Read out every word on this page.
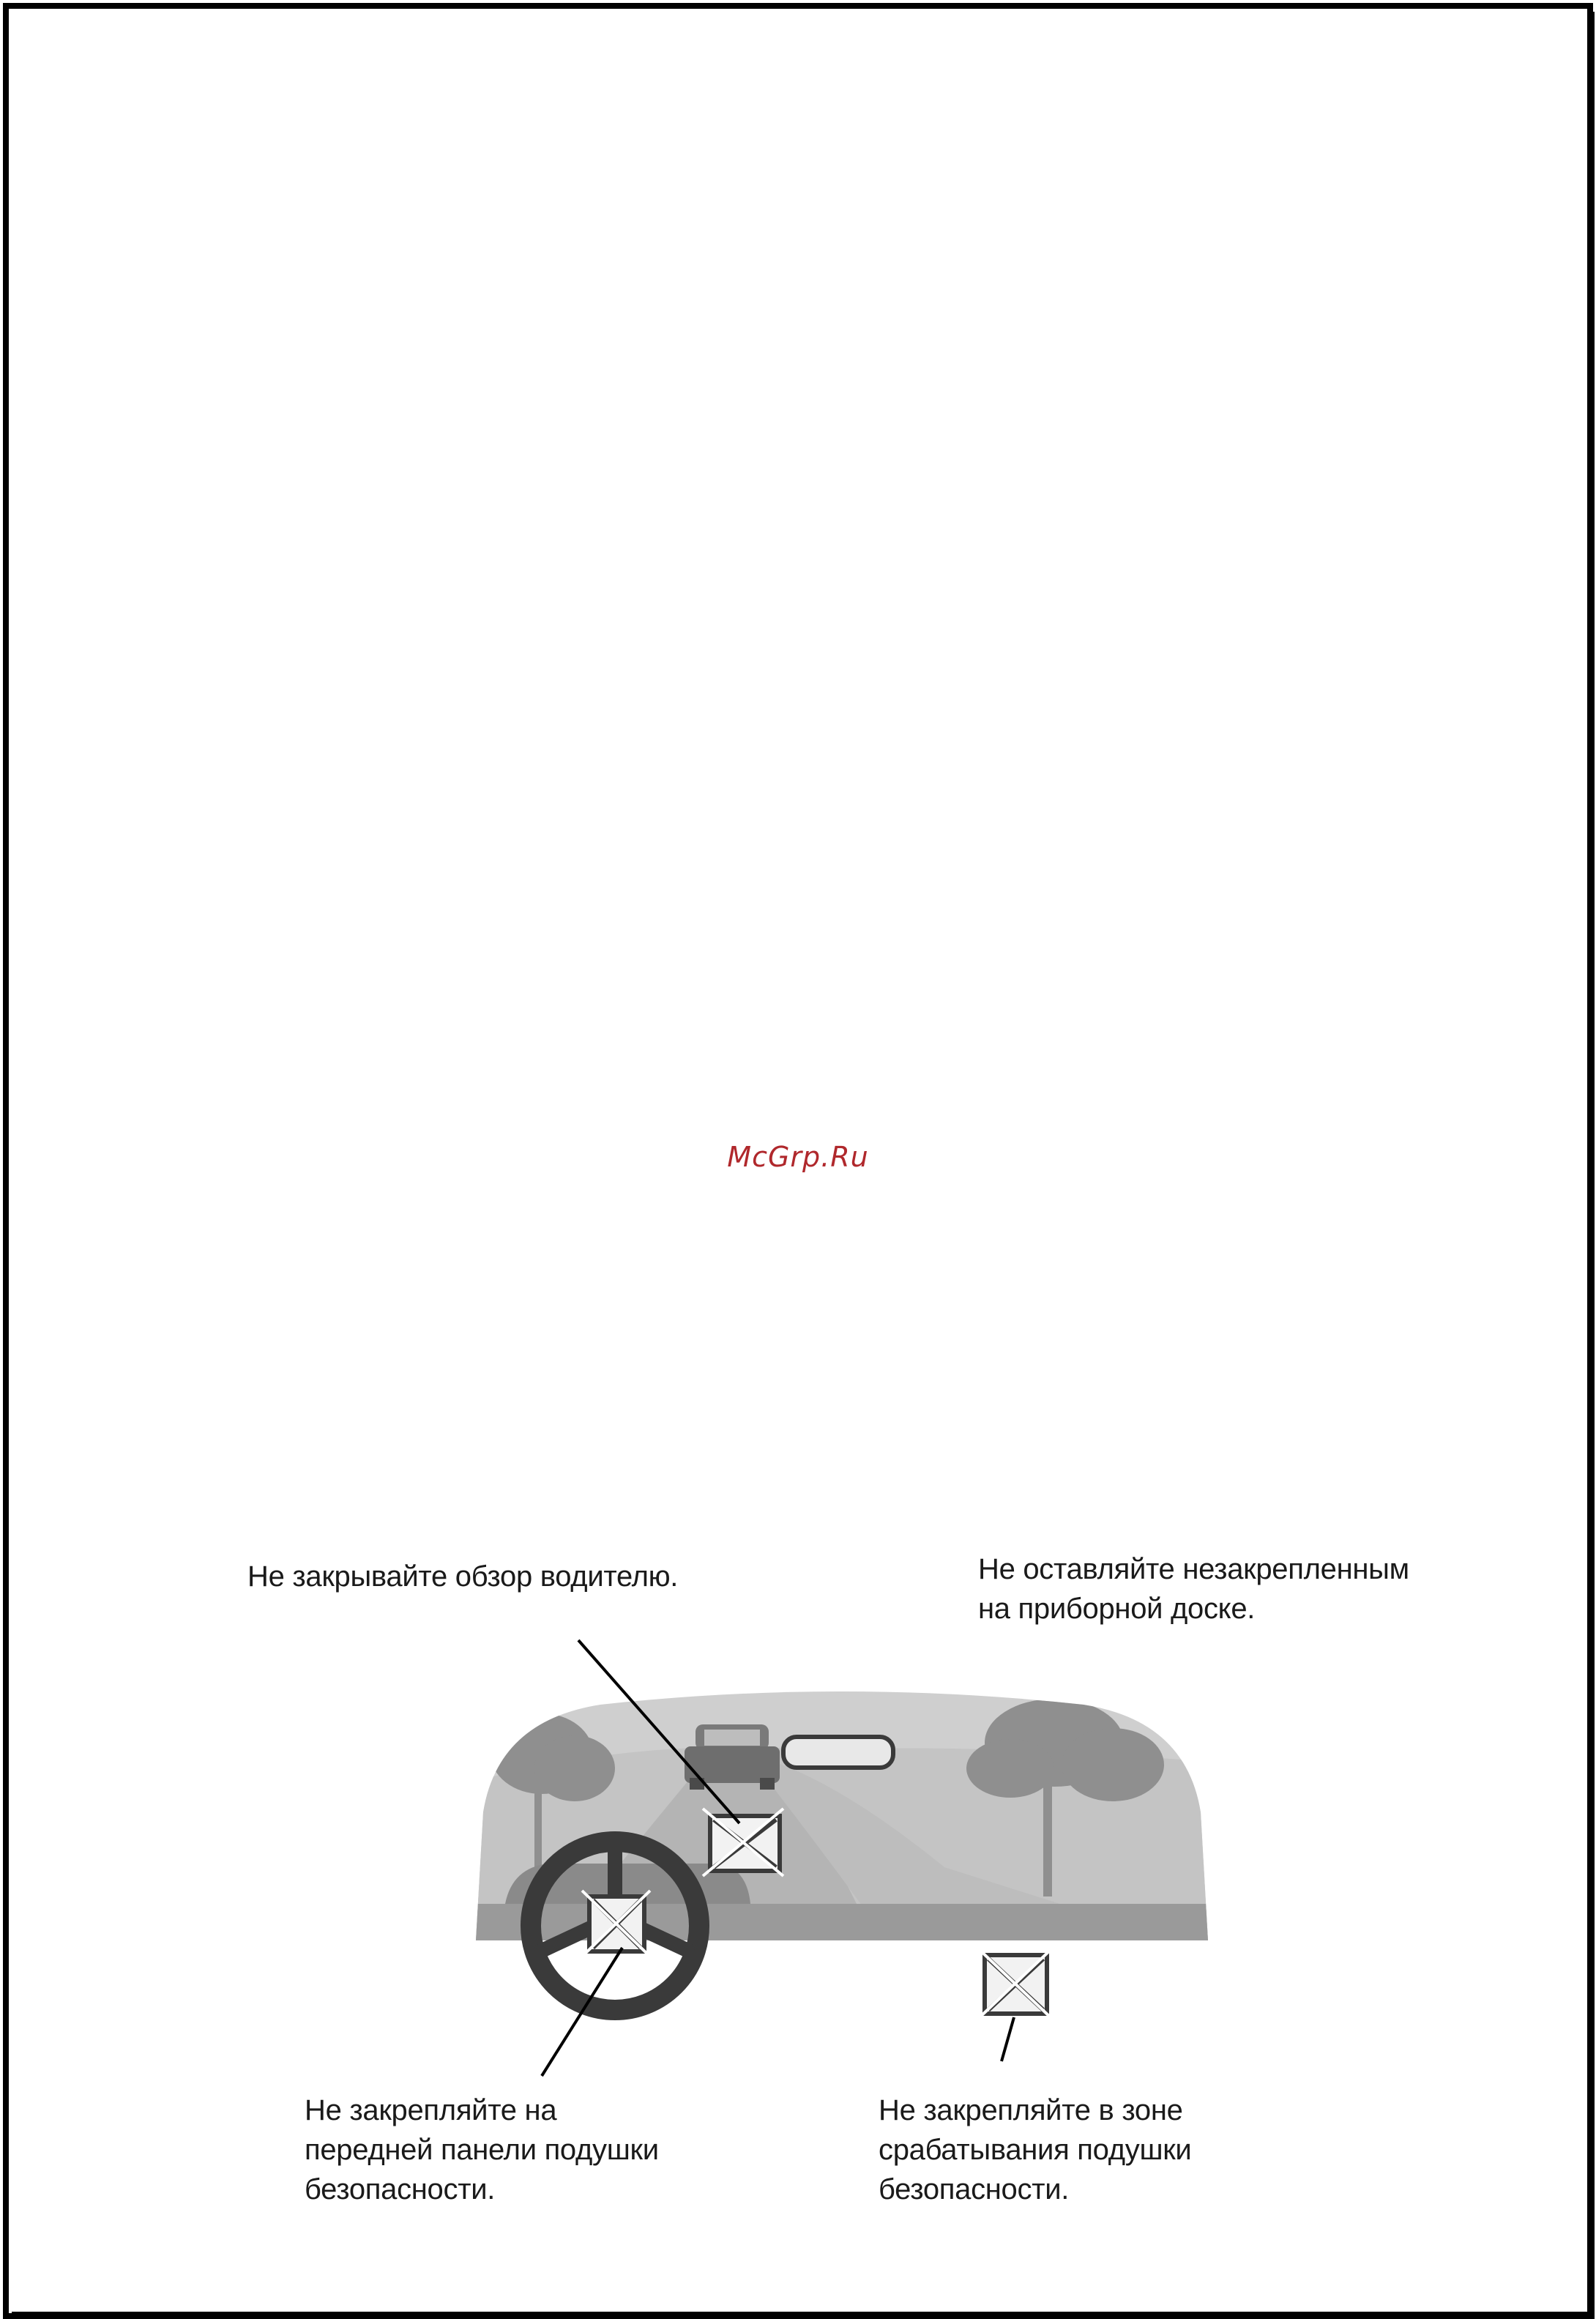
McGrp.Ru
Не закрывайте обзор водителю.	Не оставляйте незакрепленным
на приборной доске.
Не закрепляйте на
передней панели подушки
безопасности.
Не закрепляйте в зоне
срабатывания подушки
безопасности.
